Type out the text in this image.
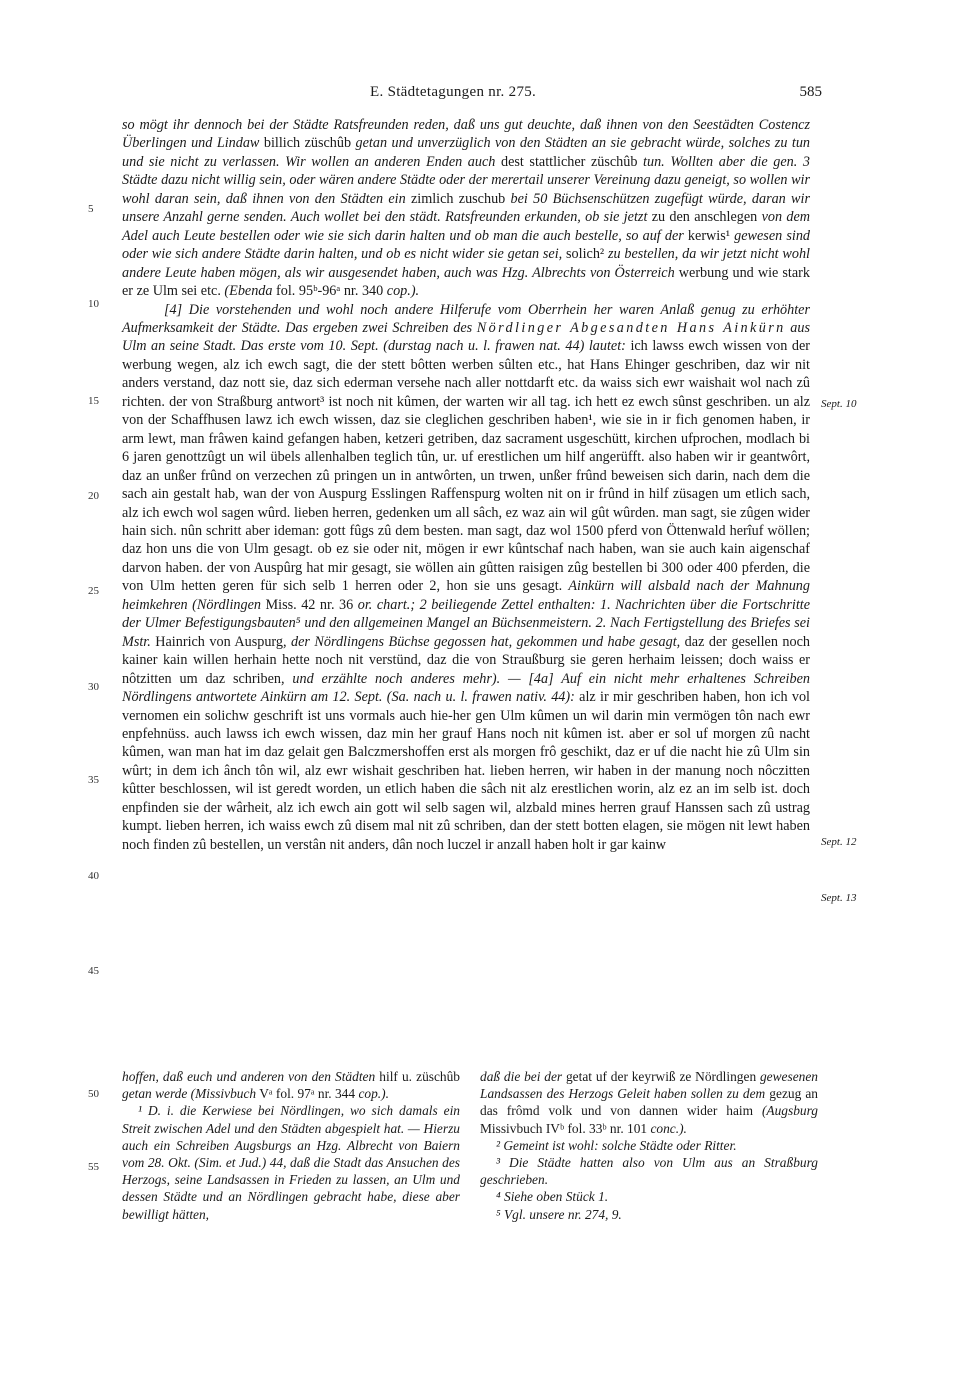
E. Städtetagungen nr. 275.	585
5
10
15
20
25
30
35
40
45
Sept. 10
Sept. 12
Sept. 13

so mögt ihr dennoch bei der Städte Ratsfreunden reden, daß uns gut deuchte, daß ihnen von den Seestädten Costencz Überlingen und Lindaw billich züschûb getan und unverzüglich von den Städten an sie gebracht würde, solches zu tun und sie nicht zu verlassen. Wir wollen an anderen Enden auch dest stattlicher züschûb tun. Wollten aber die gen. 3 Städte dazu nicht willig sein, oder wären andere Städte oder der merertail unserer Vereinung dazu geneigt, so wollen wir wohl daran sein, daß ihnen von den Städten ein zimlich zuschub bei 50 Büchsenschützen zugefügt würde, daran wir unsere Anzahl gerne senden. Auch wollet bei den städt. Ratsfreunden erkunden, ob sie jetzt zu den anschlegen von dem Adel auch Leute bestellen oder wie sie sich darin halten und ob man die auch bestelle, so auf der kerwis¹ gewesen sind oder wie sich andere Städte darin halten, und ob es nicht wider sie getan sei, solich² zu bestellen, da wir jetzt nicht wohl andere Leute haben mögen, als wir ausgesendet haben, auch was Hzg. Albrechts von Österreich werbung und wie stark er ze Ulm sei etc. (Ebenda fol. 95ᵇ-96ᵃ nr. 340 cop.).

[4] Die vorstehenden und wohl noch andere Hilferufe vom Oberrhein her waren Anlaß genug zu erhöhter Aufmerksamkeit der Städte. Das ergeben zwei Schreiben des Nördlinger Abgesandten Hans Ainkürn aus Ulm an seine Stadt. Das erste vom 10. Sept. (durstag nach u. l. frawen nat. 44) lautet: ich lawss ewch wissen von der werbung wegen, alz ich ewch sagt, die der stett bôtten werben sûlten etc., hat Hans Ehinger geschriben, daz wir nit anders verstand, daz nott sie, daz sich ederman versehe nach aller nottdarft etc. da waiss sich ewr waishait wol nach zû richten. der von Straßburg antwort³ ist noch nit kûmen, der warten wir all tag. ich hett ez ewch sûnst geschriben. un alz von der Schaffhusen lawz ich ewch wissen, daz sie cleglichen geschriben haben¹, wie sie in ir fich genomen haben, ir arm lewt, man frâwen kaind gefangen haben, ketzeri getriben, daz sacrament usgeschütt, kirchen ufprochen, modlach bi 6 jaren genottzûgt un wil übels allenhalben teglich tûn, ur. uf erestlichen um hilf angerüfft. also haben wir ir geantwôrt, daz an unßer frûnd on verzechen zû pringen un in antwôrten, un trwen, unßer frûnd beweisen sich darin, nach dem die sach ain gestalt hab, wan der von Auspurg Esslingen Raffenspurg wolten nit on ir frûnd in hilf züsagen um etlich sach, alz ich ewch wol sagen wûrd. lieben herren, gedenken um all sâch, ez waz ain wil gût wûrden. man sagt, sie zûgen wider hain sich. nûn schritt aber ideman: gott fûgs zû dem besten. man sagt, daz wol 1500 pferd von Öttenwald herîuf wöllen; daz hon uns die von Ulm gesagt. ob ez sie oder nit, mögen ir ewr kûntschaf nach haben, wan sie auch kain aigenschaf darvon haben. der von Auspûrg hat mir gesagt, sie wöllen ain gûtten raisigen zûg bestellen bi 300 oder 400 pferden, die von Ulm hetten geren für sich selb 1 herren oder 2, hon sie uns gesagt. Ainkürn will alsbald nach der Mahnung heimkehren (Nördlingen Miss. 42 nr. 36 or. chart.; 2 beiliegende Zettel enthalten: 1. Nachrichten über die Fortschritte der Ulmer Befestigungsbauten⁵ und den allgemeinen Mangel an Büchsenmeistern. 2. Nach Fertigstellung des Briefes sei Mstr. Hainrich von Auspurg, der Nördlingens Büchse gegossen hat, gekommen und habe gesagt, daz der gesellen noch kainer kain willen herhain hette noch nit verstünd, daz die von Straußburg sie geren herhaim leissen; doch waiss er nôtzitten um daz schriben, und erzählte noch anderes mehr). — [4a] Auf ein nicht mehr erhaltenes Schreiben Nördlingens antwortete Ainkürn am 12. Sept. (Sa. nach u. l. frawen nativ. 44): alz ir mir geschriben haben, hon ich vol vernomen ein solichw geschrift ist uns vormals auch hie-her gen Ulm kûmen un wil darin min vermögen tôn nach ewr enpfehnüss. auch lawss ich ewch wissen, daz min her grauf Hans noch nit kûmen ist. aber er sol uf morgen zû nacht kûmen, wan man hat im daz gelait gen Balczmershoffen erst als morgen frô geschikt, daz er uf die nacht hie zû Ulm sin wûrt; in dem ich ânch tôn wil, alz ewr wishait geschriben hat. lieben herren, wir haben in der manung noch nôczitten kûtter beschlossen, wil ist geredt worden, un etlich haben die sâch nit alz erestlichen worin, alz ez an im selb ist. doch enpfinden sie der wârheit, alz ich ewch ain gott wil selb sagen wil, alzbald mines herren grauf Hanssen sach zû ustrag kumpt. lieben herren, ich waiss ewch zû disem mal nit zû schriben, dan der stett botten elagen, sie mögen nit lewt haben noch finden zû bestellen, un verstân nit anders, dân noch luczel ir anzall haben holt ir gar kainw

50
55

hoffen, daß euch und anderen von den Städten hilf u. züschûb getan werde (Missivbuch Vᵃ fol. 97ᵃ nr. 344 cop.).

¹ D. i. die Kerwiese bei Nördlingen, wo sich damals ein Streit zwischen Adel und den Städten abgespielt hat. — Hierzu auch ein Schreiben Augsburgs an Hzg. Albrecht von Baiern vom 28. Okt. (Sim. et Jud.) 44, daß die Stadt das Ansuchen des Herzogs, seine Landsassen in Frieden zu lassen, an Ulm und dessen Städte und an Nördlingen gebracht habe, diese aber bewilligt hätten,

daß die bei der getat uf der keyrwiß ze Nördlingen gewesenen Landsassen des Herzogs Geleit haben sollen zu dem gezug an das frômd volk und von dannen wider haim (Augsburg Missivbuch IVᵇ fol. 33ᵇ nr. 101 conc.).

² Gemeint ist wohl: solche Städte oder Ritter.

³ Die Städte hatten also von Ulm aus an Straßburg geschrieben.

⁴ Siehe oben Stück 1.

⁵ Vgl. unsere nr. 274, 9.
